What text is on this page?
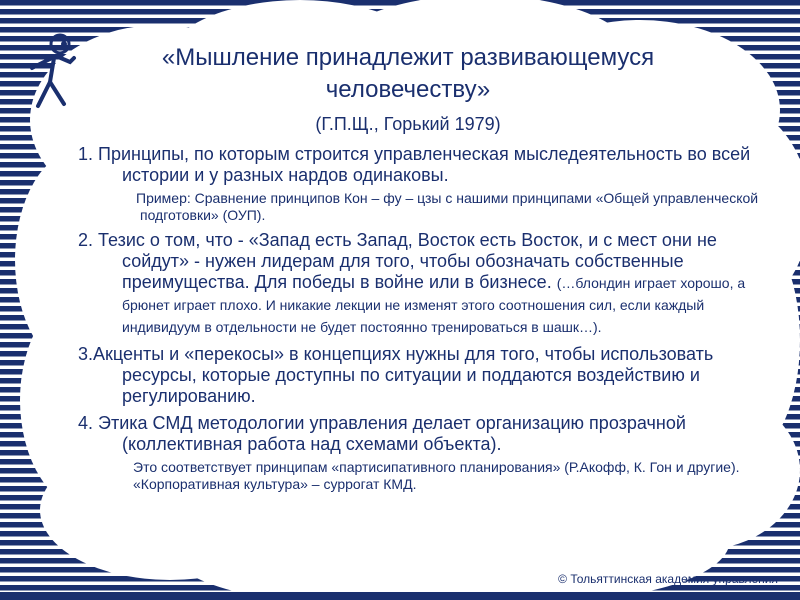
«Мышление принадлежит развивающемуся
человечеству»
(Г.П.Щ., Горький 1979)
1. Принципы, по которым строится управленческая мыследеятельность во всей истории и у разных нардов одинаковы.
Пример: Сравнение принципов Кон – фу – цзы с нашими принципами «Общей управленческой подготовки» (ОУП).
2. Тезис о том, что - «Запад есть Запад, Восток есть Восток, и с мест они не сойдут» - нужен лидерам для того, чтобы обозначать собственные преимущества. Для победы в войне или в бизнесе. (…блондин играет хорошо, а брюнет играет плохо. И никакие лекции не изменят этого соотношения сил, если каждый индивидуум в отдельности не будет постоянно тренироваться в шашк…).
3.Акценты и «перекосы» в концепциях нужны для того, чтобы использовать ресурсы, которые доступны по ситуации и поддаются воздействию и регулированию.
4. Этика СМД методологии управления делает организацию прозрачной (коллективная работа над схемами объекта).
Это соответствует принципам «партисипативного планирования» (Р.Акофф, К. Гон и другие). «Корпоративная культура» – суррогат КМД.
© Тольяттинская академия управления
